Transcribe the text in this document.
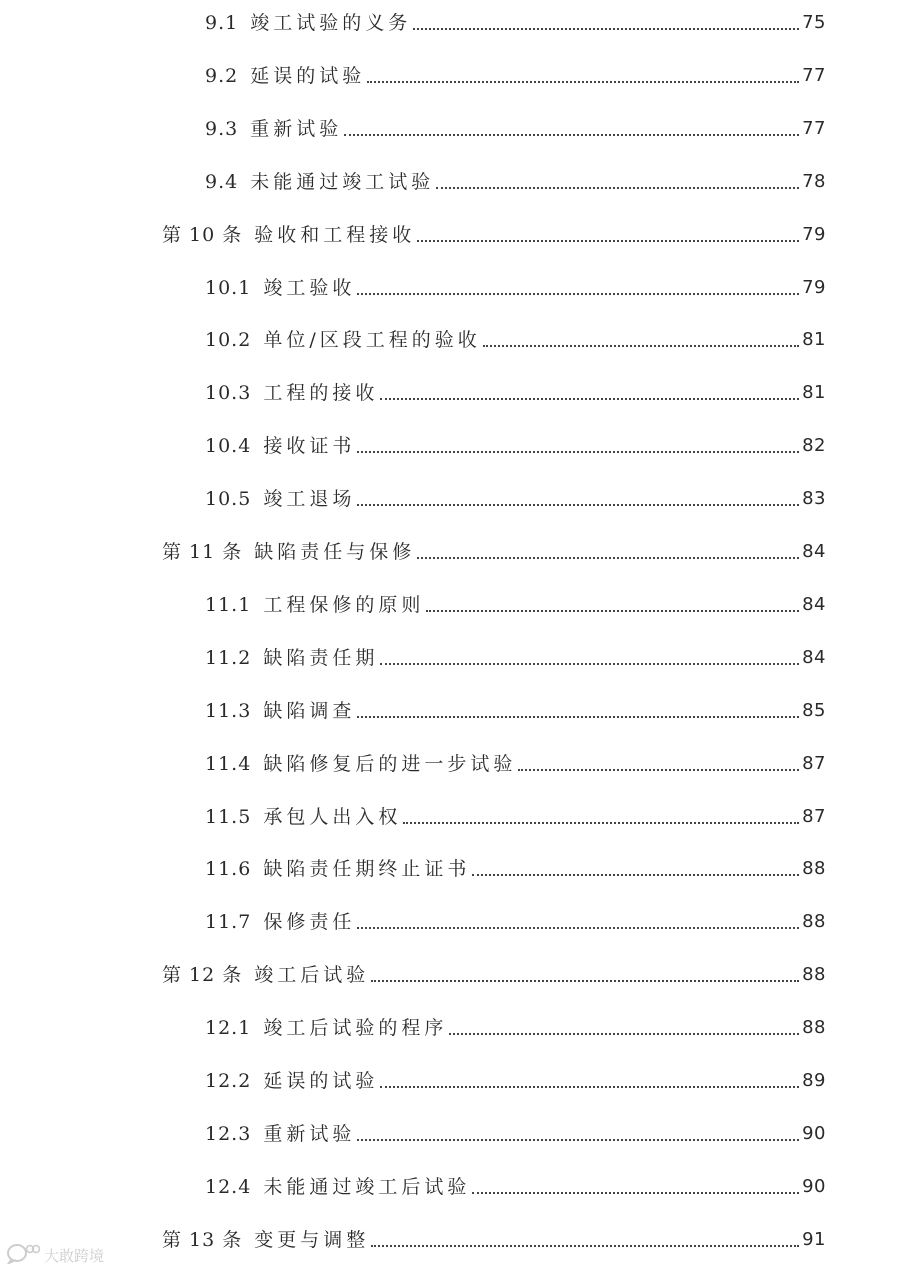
9.1 竣工试验的义务	75
9.2 延误的试验	77
9.3 重新试验	77
9.4 未能通过竣工试验	78
第 10 条 验收和工程接收	79
10.1 竣工验收	79
10.2 单位/区段工程的验收	81
10.3 工程的接收	81
10.4 接收证书	82
10.5 竣工退场	83
第 11 条 缺陷责任与保修	84
11.1 工程保修的原则	84
11.2 缺陷责任期	84
11.3 缺陷调查	85
11.4 缺陷修复后的进一步试验	87
11.5 承包人出入权	87
11.6 缺陷责任期终止证书	88
11.7 保修责任	88
第 12 条 竣工后试验	88
12.1 竣工后试验的程序	88
12.2 延误的试验	89
12.3 重新试验	90
12.4 未能通过竣工后试验	90
第 13 条 变更与调整	91
大敢跨境
